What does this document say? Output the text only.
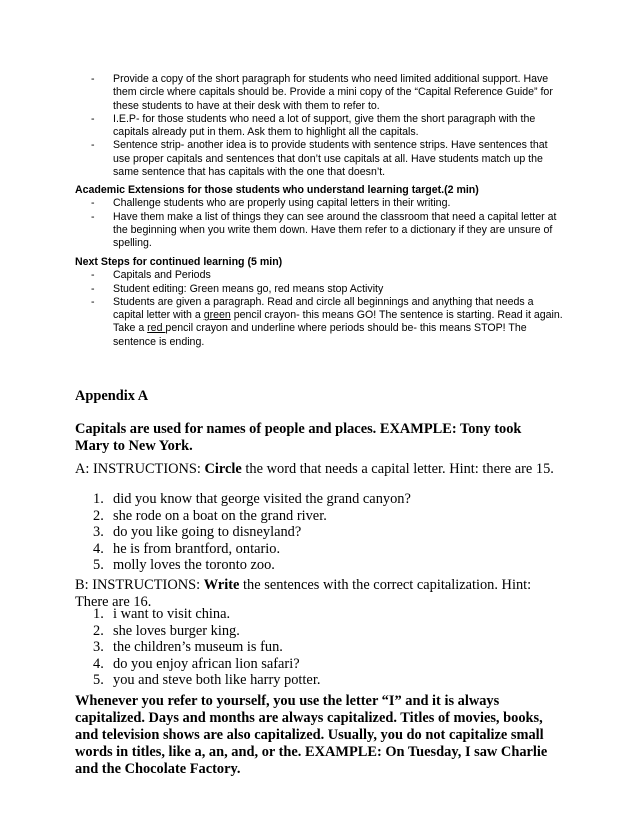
- Provide a copy of the short paragraph for students who need limited additional support. Have them circle where capitals should be. Provide a mini copy of the “Capital Reference Guide” for these students to have at their desk with them to refer to.
- I.E.P- for those students who need a lot of support, give them the short paragraph with the capitals already put in them. Ask them to highlight all the capitals.
- Sentence strip- another idea is to provide students with sentence strips. Have sentences that use proper capitals and sentences that don’t use capitals at all. Have students match up the same sentence that has capitals with the one that doesn’t.
Academic Extensions for those students who understand learning target.(2 min)
- Challenge students who are properly using capital letters in their writing.
- Have them make a list of things they can see around the classroom that need a capital letter at the beginning when you write them down. Have them refer to a dictionary if they are unsure of spelling.
Next Steps for continued learning (5 min)
- Capitals and Periods
- Student editing: Green means go, red means stop Activity
- Students are given a paragraph. Read and circle all beginnings and anything that needs a capital letter with a green pencil crayon- this means GO! The sentence is starting. Read it again. Take a red pencil crayon and underline where periods should be- this means STOP! The sentence is ending.
Appendix A
Capitals are used for names of people and places. EXAMPLE: Tony took Mary to New York.
A: INSTRUCTIONS: Circle the word that needs a capital letter. Hint: there are 15.
1. did you know that george visited the grand canyon?
2. she rode on a boat on the grand river.
3. do you like going to disneyland?
4. he is from brantford, ontario.
5. molly loves the toronto zoo.
B: INSTRUCTIONS: Write the sentences with the correct capitalization. Hint: There are 16.
1. i want to visit china.
2. she loves burger king.
3. the children’s museum is fun.
4. do you enjoy african lion safari?
5. you and steve both like harry potter.
Whenever you refer to yourself, you use the letter “I” and it is always capitalized. Days and months are always capitalized. Titles of movies, books, and television shows are also capitalized. Usually, you do not capitalize small words in titles, like a, an, and, or the. EXAMPLE: On Tuesday, I saw Charlie and the Chocolate Factory.
